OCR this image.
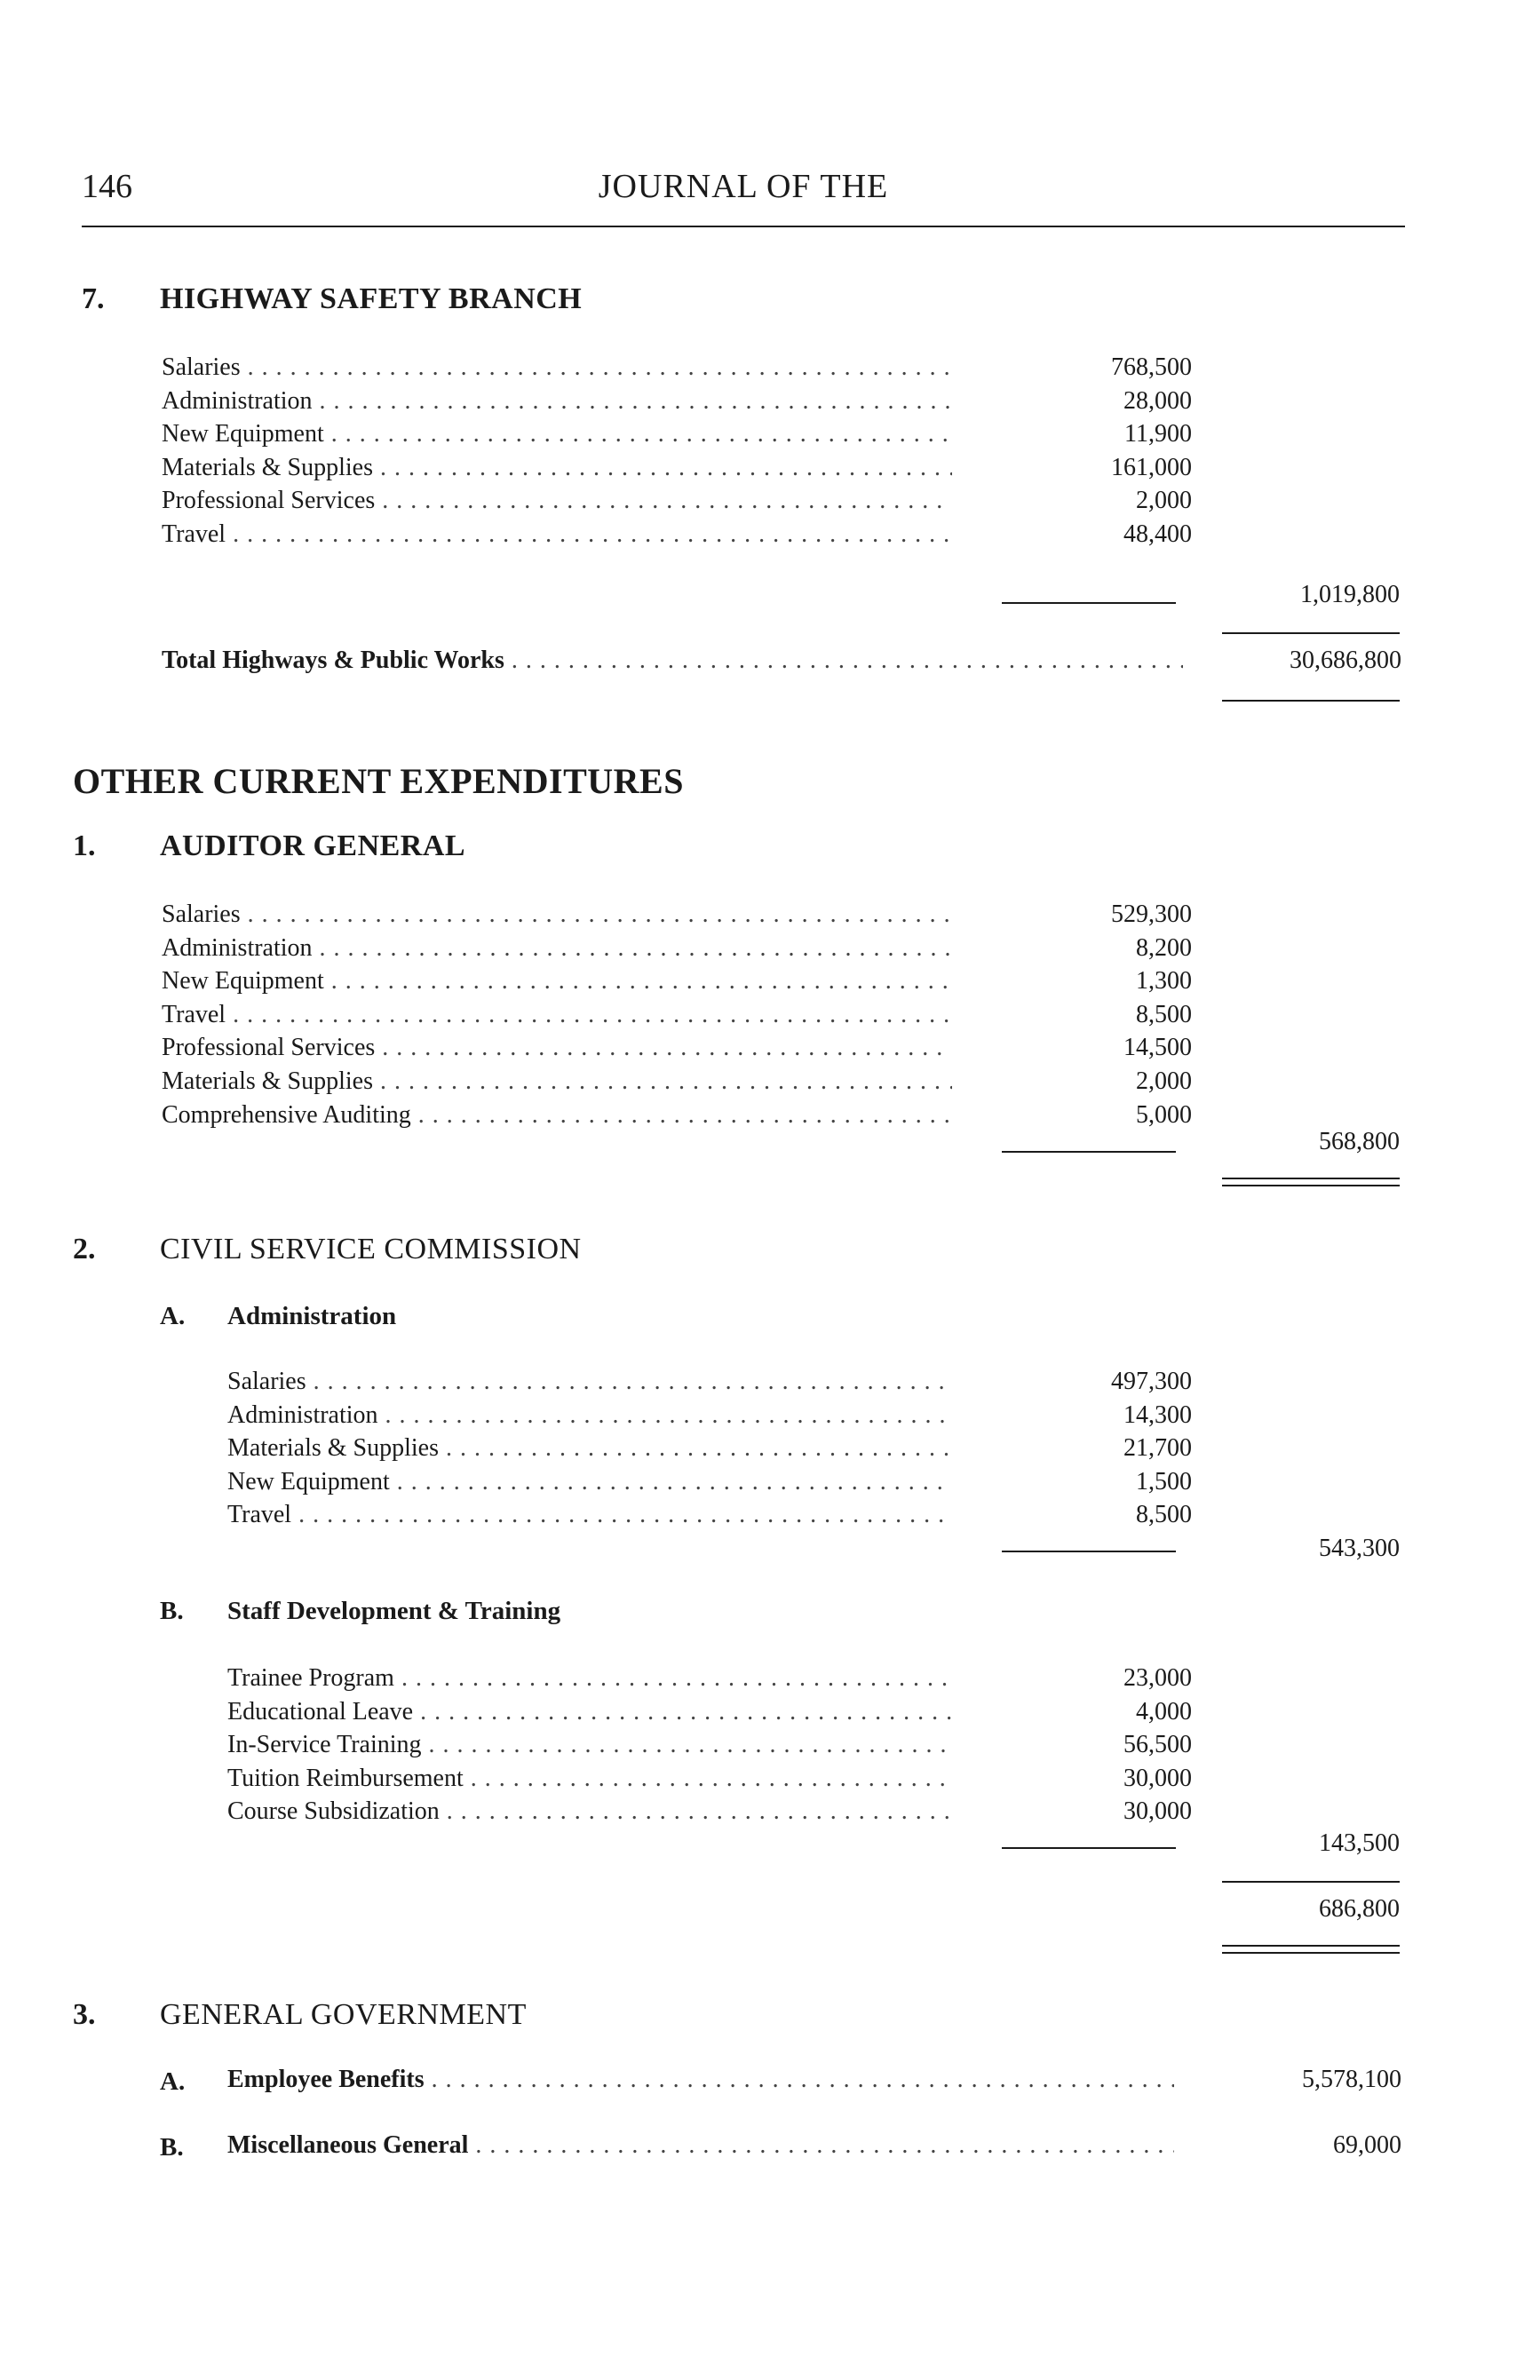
146	JOURNAL OF THE
7. HIGHWAY SAFETY BRANCH
Salaries . . .	768,500
Administration . . .	28,000
New Equipment . . .	11,900
Materials & Supplies . . .	161,000
Professional Services . . .	2,000
Travel . . .	48,400
1,019,800
Total Highways & Public Works . . .	30,686,800
OTHER CURRENT EXPENDITURES
1. AUDITOR GENERAL
Salaries . . .	529,300
Administration . . .	8,200
New Equipment . . .	1,300
Travel . . .	8,500
Professional Services . . .	14,500
Materials & Supplies . . .	2,000
Comprehensive Auditing . . .	5,000
568,800
2. CIVIL SERVICE COMMISSION
A. Administration
Salaries . . .	497,300
Administration . . .	14,300
Materials & Supplies . . .	21,700
New Equipment . . .	1,500
Travel . . .	8,500
543,300
B. Staff Development & Training
Trainee Program . . .	23,000
Educational Leave . . .	4,000
In-Service Training . . .	56,500
Tuition Reimbursement . . .	30,000
Course Subsidization . . .	30,000
143,500
686,800
3. GENERAL GOVERNMENT
A. Employee Benefits . . .	5,578,100
B. Miscellaneous General . . .	69,000
